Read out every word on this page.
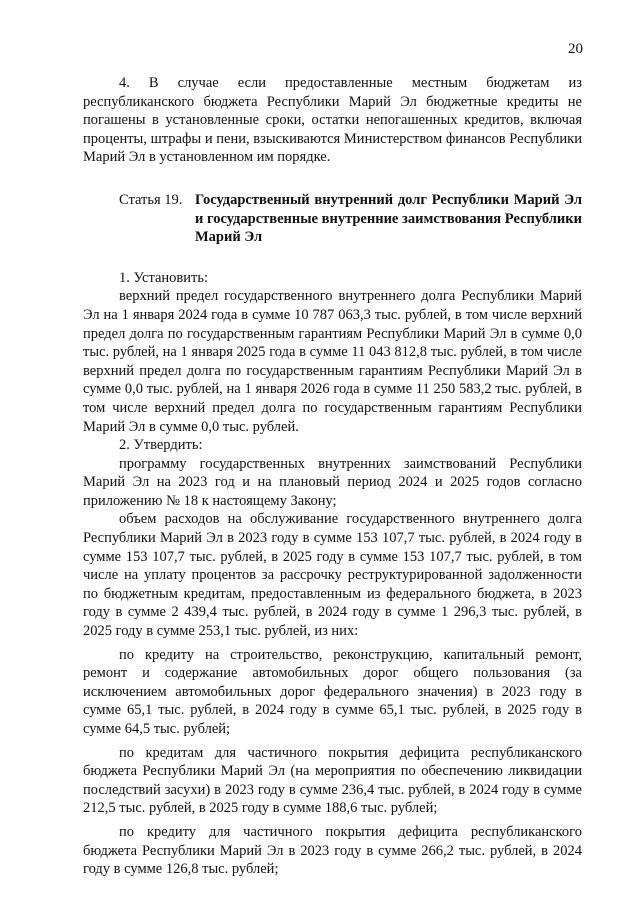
20

4. В случае если предоставленные местным бюджетам из республиканского бюджета Республики Марий Эл бюджетные кредиты не погашены в установленные сроки, остатки непогашенных кредитов, включая проценты, штрафы и пени, взыскиваются Министерством финансов Республики Марий Эл в установленном им порядке.

Статья 19. Государственный внутренний долг Республики Марий Эл и государственные внутренние заимствования Республики Марий Эл

1. Установить:

верхний предел государственного внутреннего долга Республики Марий Эл на 1 января 2024 года в сумме 10 787 063,3 тыс. рублей, в том числе верхний предел долга по государственным гарантиям Республики Марий Эл в сумме 0,0 тыс. рублей, на 1 января 2025 года в сумме 11 043 812,8 тыс. рублей, в том числе верхний предел долга по государственным гарантиям Республики Марий Эл в сумме 0,0 тыс. рублей, на 1 января 2026 года в сумме 11 250 583,2 тыс. рублей, в том числе верхний предел долга по государственным гарантиям Республики Марий Эл в сумме 0,0 тыс. рублей.

2. Утвердить:

программу государственных внутренних заимствований Республики Марий Эл на 2023 год и на плановый период 2024 и 2025 годов согласно приложению № 18 к настоящему Закону;

объем расходов на обслуживание государственного внутреннего долга Республики Марий Эл в 2023 году в сумме 153 107,7 тыс. рублей, в 2024 году в сумме 153 107,7 тыс. рублей, в 2025 году в сумме 153 107,7 тыс. рублей, в том числе на уплату процентов за рассрочку реструктурированной задолженности по бюджетным кредитам, предоставленным из федерального бюджета, в 2023 году в сумме 2 439,4 тыс. рублей, в 2024 году в сумме 1 296,3 тыс. рублей, в 2025 году в сумме 253,1 тыс. рублей, из них:

по кредиту на строительство, реконструкцию, капитальный ремонт, ремонт и содержание автомобильных дорог общего пользования (за исключением автомобильных дорог федерального значения) в 2023 году в сумме 65,1 тыс. рублей, в 2024 году в сумме 65,1 тыс. рублей, в 2025 году в сумме 64,5 тыс. рублей;

по кредитам для частичного покрытия дефицита республиканского бюджета Республики Марий Эл (на мероприятия по обеспечению ликвидации последствий засухи) в 2023 году в сумме 236,4 тыс. рублей, в 2024 году в сумме 212,5 тыс. рублей, в 2025 году в сумме 188,6 тыс. рублей;

по кредиту для частичного покрытия дефицита республиканского бюджета Республики Марий Эл в 2023 году в сумме 266,2 тыс. рублей, в 2024 году в сумме 126,8 тыс. рублей;
